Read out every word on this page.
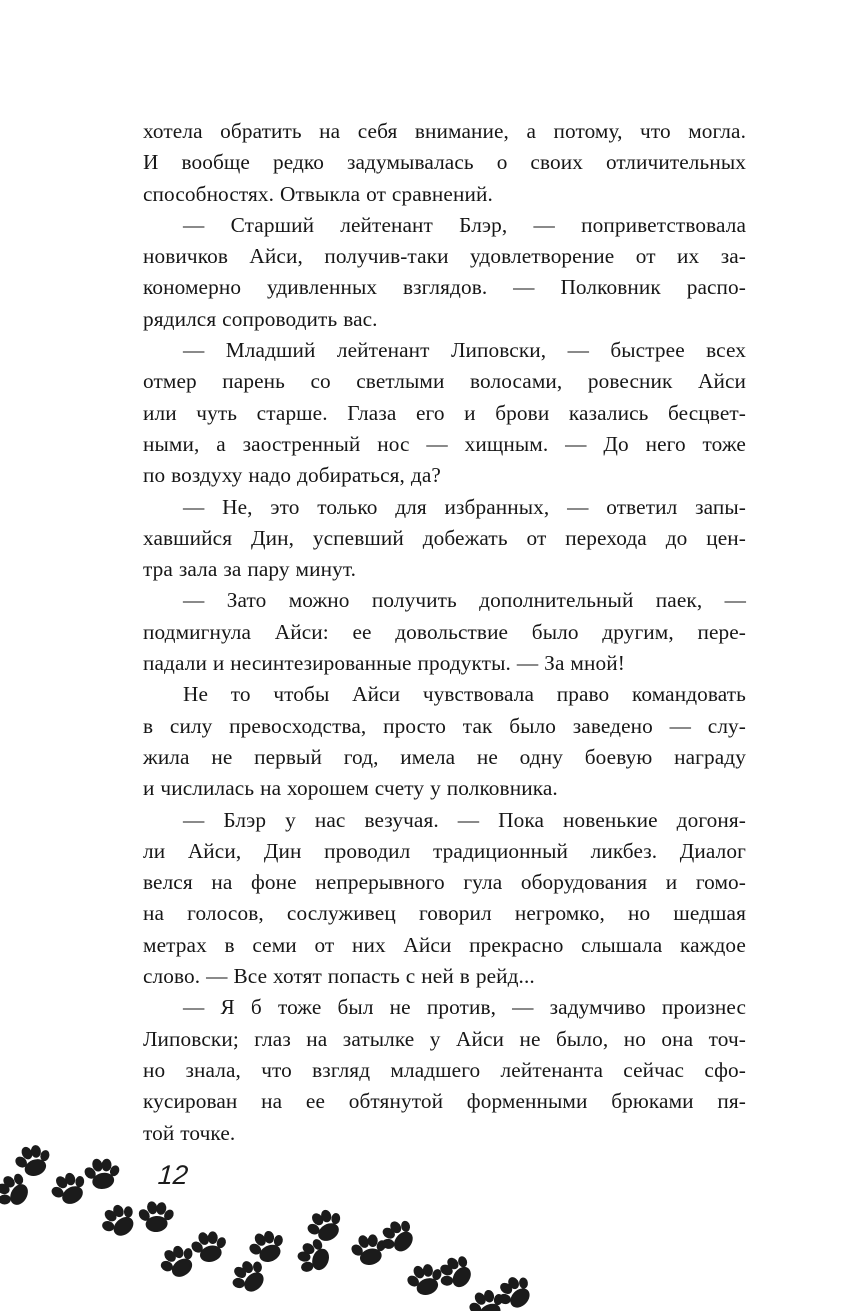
хотела обратить на себя внимание, а потому, что могла.
И вообще редко задумывалась о своих отличительных
способностях. Отвыкла от сравнений.
— Старший лейтенант Блэр, — поприветствовала
новичков Айси, получив-таки удовлетворение от их за-
кономерно удивленных взглядов. — Полковник распо-
рядился сопроводить вас.
— Младший лейтенант Липовски, — быстрее всех
отмер парень со светлыми волосами, ровесник Айси
или чуть старше. Глаза его и брови казались бесцвет-
ными, а заостренный нос — хищным. — До него тоже
по воздуху надо добираться, да?
— Не, это только для избранных, — ответил запы-
хавшийся Дин, успевший добежать от перехода до цен-
тра зала за пару минут.
— Зато можно получить дополнительный паек, —
подмигнула Айси: ее довольствие было другим, пере-
падали и несинтезированные продукты. — За мной!
Не то чтобы Айси чувствовала право командовать
в силу превосходства, просто так было заведено — слу-
жила не первый год, имела не одну боевую награду
и числилась на хорошем счету у полковника.
— Блэр у нас везучая. — Пока новенькие догоня-
ли Айси, Дин проводил традиционный ликбез. Диалог
велся на фоне непрерывного гула оборудования и гомо-
на голосов, сослуживец говорил негромко, но шедшая
метрах в семи от них Айси прекрасно слышала каждое
слово. — Все хотят попасть с ней в рейд...
— Я б тоже был не против, — задумчиво произнес
Липовски; глаз на затылке у Айси не было, но она точ-
но знала, что взгляд младшего лейтенанта сейчас сфо-
кусирован на ее обтянутой форменными брюками пя-
той точке.
12
